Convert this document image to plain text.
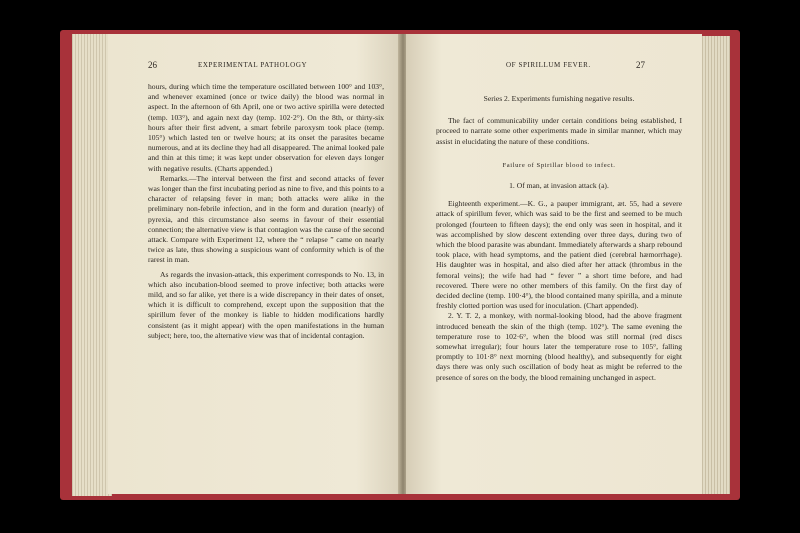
26	EXPERIMENTAL PATHOLOGY

hours, during which time the temperature oscillated between 100° and 103°, and whenever examined (once or twice daily) the blood was normal in aspect. In the afternoon of 6th April, one or two active spirilla were detected (temp. 103°), and again next day (temp. 102·2°). On the 8th, or thirty-six hours after their first advent, a smart febrile paroxysm took place (temp. 105°) which lasted ten or twelve hours; at its onset the parasites became numerous, and at its decline they had all disappeared. The animal looked pale and thin at this time; it was kept under observation for eleven days longer with negative results. (Charts appended.)

Remarks.—The interval between the first and second attacks of fever was longer than the first incubating period as nine to five, and this points to a character of relapsing fever in man; both attacks were alike in the preliminary non-febrile infection, and in the form and duration (nearly) of pyrexia, and this circumstance also seems in favour of their essential connection; the alternative view is that contagion was the cause of the second attack. Compare with Experiment 12, where the “ relapse ” came on nearly twice as late, thus showing a suspicious want of conformity which is of the rarest in man.

As regards the invasion-attack, this experiment corresponds to No. 13, in which also incubation-blood seemed to prove infective; both attacks were mild, and so far alike, yet there is a wide discrepancy in their dates of onset, which it is difficult to comprehend, except upon the supposition that the spirillum fever of the monkey is liable to hidden modifications hardly consistent (as it might appear) with the open manifestations in the human subject; here, too, the alternative view was that of incidental contagion.

OF SPIRILLUM FEVER.	27

Series 2. Experiments furnishing negative results.

The fact of communicability under certain conditions being established, I proceed to narrate some other experiments made in similar manner, which may assist in elucidating the nature of these conditions.

Failure of Spirillar blood to infect.

1. Of man, at invasion attack (a).

Eighteenth experiment.—K. G., a pauper immigrant, æt. 55, had a severe attack of spirillum fever, which was said to be the first and seemed to be much prolonged (fourteen to fifteen days); the end only was seen in hospital, and it was accomplished by slow descent extending over three days, during two of which the blood parasite was abundant. Immediately afterwards a sharp rebound took place, with head symptoms, and the patient died (cerebral hæmorrhage). His daughter was in hospital, and also died after her attack (thrombus in the femoral veins); the wife had had “ fever ” a short time before, and had recovered. There were no other members of this family. On the first day of decided decline (temp. 100·4°), the blood contained many spirilla, and a minute freshly clotted portion was used for inoculation. (Chart appended).

2. Y. T. 2, a monkey, with normal-looking blood, had the above fragment introduced beneath the skin of the thigh (temp. 102°). The same evening the temperature rose to 102·6°, when the blood was still normal (red discs somewhat irregular); four hours later the temperature rose to 105°, falling promptly to 101·8° next morning (blood healthy), and subsequently for eight days there was only such oscillation of body heat as might be referred to the presence of sores on the body, the blood remaining unchanged in aspect.
